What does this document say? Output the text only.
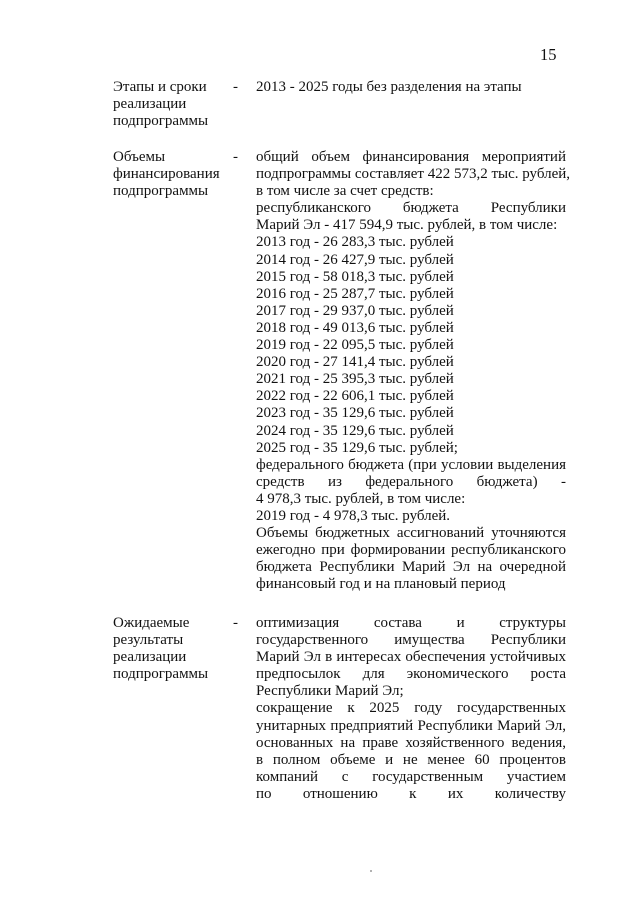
15
Этапы и сроки
реализации
подпрограммы
- 2013 - 2025 годы без разделения на этапы
Объемы
финансирования
подпрограммы
- общий объем финансирования мероприятий
подпрограммы составляет 422 573,2 тыс. рублей,
в том числе за счет средств:
республиканского бюджета Республики
Марий Эл - 417 594,9 тыс. рублей, в том числе:
2013 год - 26 283,3 тыс. рублей
2014 год - 26 427,9 тыс. рублей
2015 год - 58 018,3 тыс. рублей
2016 год - 25 287,7 тыс. рублей
2017 год - 29 937,0 тыс. рублей
2018 год - 49 013,6 тыс. рублей
2019 год - 22 095,5 тыс. рублей
2020 год - 27 141,4 тыс. рублей
2021 год - 25 395,3 тыс. рублей
2022 год - 22 606,1 тыс. рублей
2023 год - 35 129,6 тыс. рублей
2024 год - 35 129,6 тыс. рублей
2025 год - 35 129,6 тыс. рублей;
федерального бюджета (при условии выделения
средств из федерального бюджета) -
4 978,3 тыс. рублей, в том числе:
2019 год - 4 978,3 тыс. рублей.
Объемы бюджетных ассигнований уточняются
ежегодно при формировании республиканского
бюджета Республики Марий Эл на очередной
финансовый год и на плановый период
Ожидаемые
результаты
реализации
подпрограммы
- оптимизация состава и структуры
государственного имущества Республики
Марий Эл в интересах обеспечения устойчивых
предпосылок для экономического роста
Республики Марий Эл;
сокращение к 2025 году государственных
унитарных предприятий Республики Марий Эл,
основанных на праве хозяйственного ведения,
в полном объеме и не менее 60 процентов
компаний с государственным участием
по отношению к их количеству
